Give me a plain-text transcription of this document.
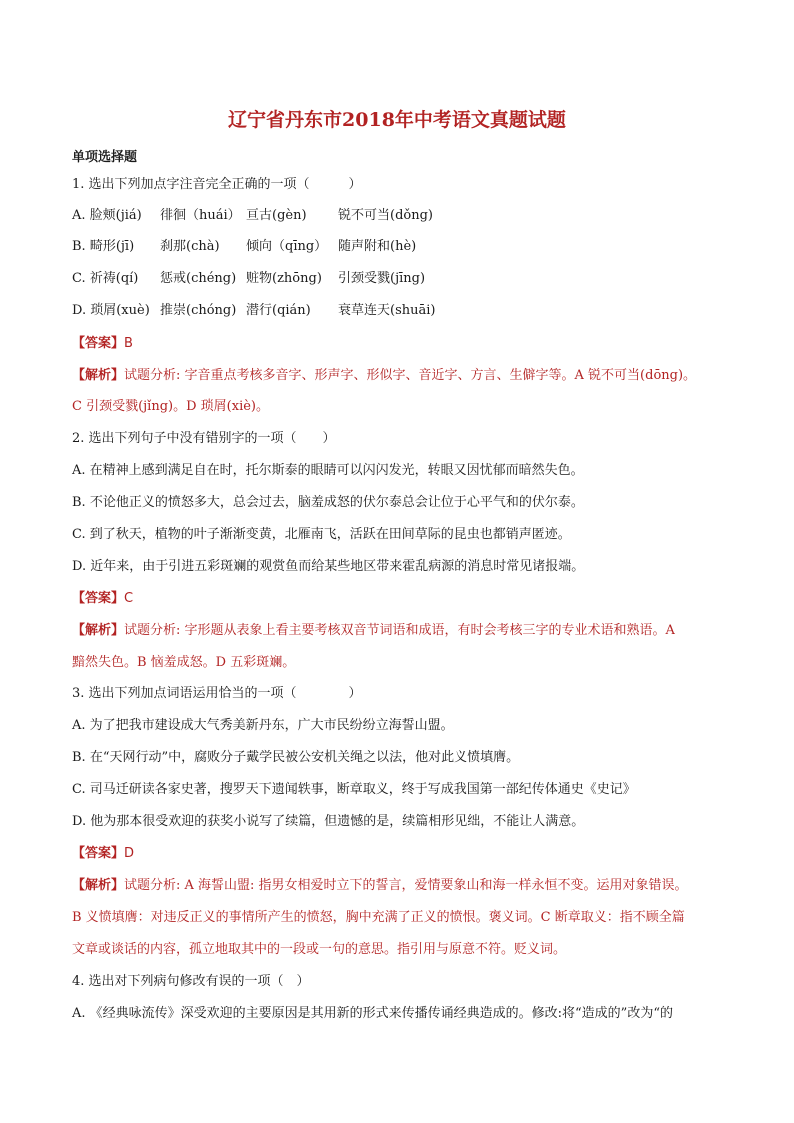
辽宁省丹东市2018年中考语文真题试题
单项选择题
1. 选出下列加点字注音完全正确的一项（　　　）
A. 脸颊(jiá) 徘徊（huái） 亘古(gèn) 锐不可当(dǒng)
B. 畸形(jī) 刹那(chà) 倾向（qīng） 随声附和(hè)
C. 祈祷(qí) 惩戒(chéng) 赃物(zhōng) 引颈受戮(jīng)
D. 琐屑(xuè) 推崇(chóng) 潜行(qián) 衰草连天(shuāi)
【答案】B
【解析】试题分析: 字音重点考核多音字、形声字、形似字、音近字、方言、生僻字等。A 锐不可当(dōng)。
C 引颈受戮(jǐng)。D 琐屑(xiè)。
2. 选出下列句子中没有错别字的一项（　　）
A. 在精神上感到满足自在时，托尔斯泰的眼睛可以闪闪发光，转眼又因忧郁而暗然失色。
B. 不论他正义的愤怒多大，总会过去，脑羞成怒的伏尔泰总会让位于心平气和的伏尔泰。
C. 到了秋天，植物的叶子渐渐变黄，北雁南飞，活跃在田间草际的昆虫也都销声匿迹。
D. 近年来，由于引进五彩斑斓的观赏鱼而给某些地区带来霍乱病源的消息时常见诸报端。
【答案】C
【解析】试题分析: 字形题从表象上看主要考核双音节词语和成语，有时会考核三字的专业术语和熟语。A
黯然失色。B 恼羞成怒。D 五彩斑斓。
3. 选出下列加点词语运用恰当的一项（　　　　）
A. 为了把我市建设成大气秀美新丹东，广大市民纷纷立海誓山盟。
B. 在“天网行动”中，腐败分子戴学民被公安机关绳之以法，他对此义愤填膺。
C. 司马迁研读各家史著，搜罗天下遗闻轶事，断章取义，终于写成我国第一部纪传体通史《史记》
D. 他为那本很受欢迎的获奖小说写了续篇，但遗憾的是，续篇相形见绌，不能让人满意。
【答案】D
【解析】试题分析: A 海誓山盟: 指男女相爱时立下的誓言，爱情要象山和海一样永恒不变。运用对象错误。
B 义愤填膺：对违反正义的事情所产生的愤怒，胸中充满了正义的愤恨。褒义词。C 断章取义：指不顾全篇
文章或谈话的内容，孤立地取其中的一段或一句的意思。指引用与原意不符。贬义词。
4. 选出对下列病句修改有误的一项（　）
A. 《经典咏流传》深受欢迎的主要原因是其用新的形式来传播传诵经典造成的。修改:将“造成的”改为“的
